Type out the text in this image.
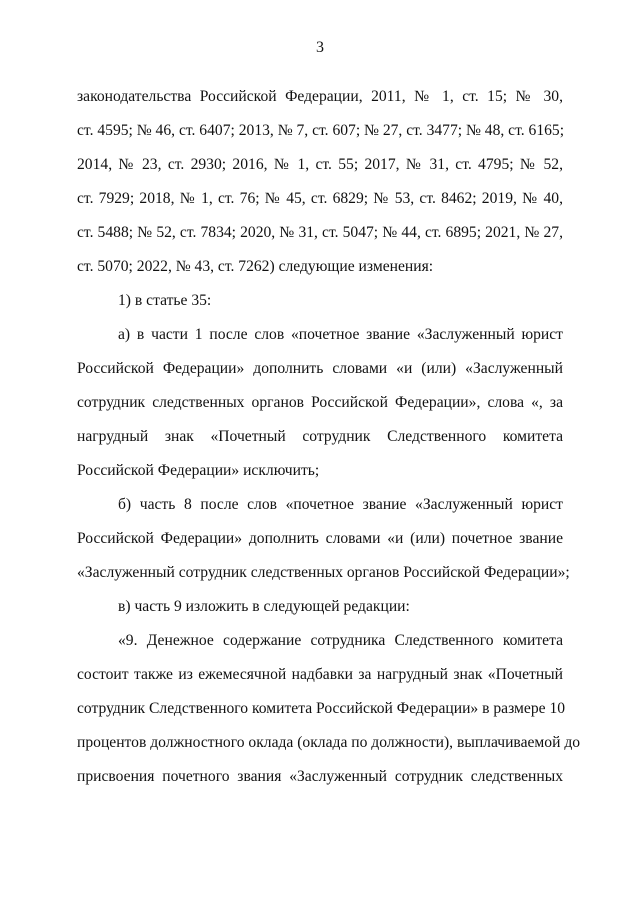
3
законодательства Российской Федерации, 2011, № 1, ст. 15; № 30,
ст. 4595; № 46, ст. 6407; 2013, № 7, ст. 607; № 27, ст. 3477; № 48, ст. 6165;
2014, № 23, ст. 2930; 2016, № 1, ст. 55; 2017, № 31, ст. 4795; № 52,
ст. 7929; 2018, № 1, ст. 76; № 45, ст. 6829; № 53, ст. 8462; 2019, № 40,
ст. 5488; № 52, ст. 7834; 2020, № 31, ст. 5047; № 44, ст. 6895; 2021, № 27,
ст. 5070; 2022, № 43, ст. 7262) следующие изменения:
1) в статье 35:
а) в части 1 после слов «почетное звание «Заслуженный юрист
Российской Федерации» дополнить словами «и (или) «Заслуженный
сотрудник следственных органов Российской Федерации», слова «, за
нагрудный знак «Почетный сотрудник Следственного комитета
Российской Федерации» исключить;
б) часть 8 после слов «почетное звание «Заслуженный юрист
Российской Федерации» дополнить словами «и (или) почетное звание
«Заслуженный сотрудник следственных органов Российской Федерации»;
в) часть 9 изложить в следующей редакции:
«9. Денежное содержание сотрудника Следственного комитета
состоит также из ежемесячной надбавки за нагрудный знак «Почетный
сотрудник Следственного комитета Российской Федерации» в размере 10
процентов должностного оклада (оклада по должности), выплачиваемой до
присвоения почетного звания «Заслуженный сотрудник следственных
